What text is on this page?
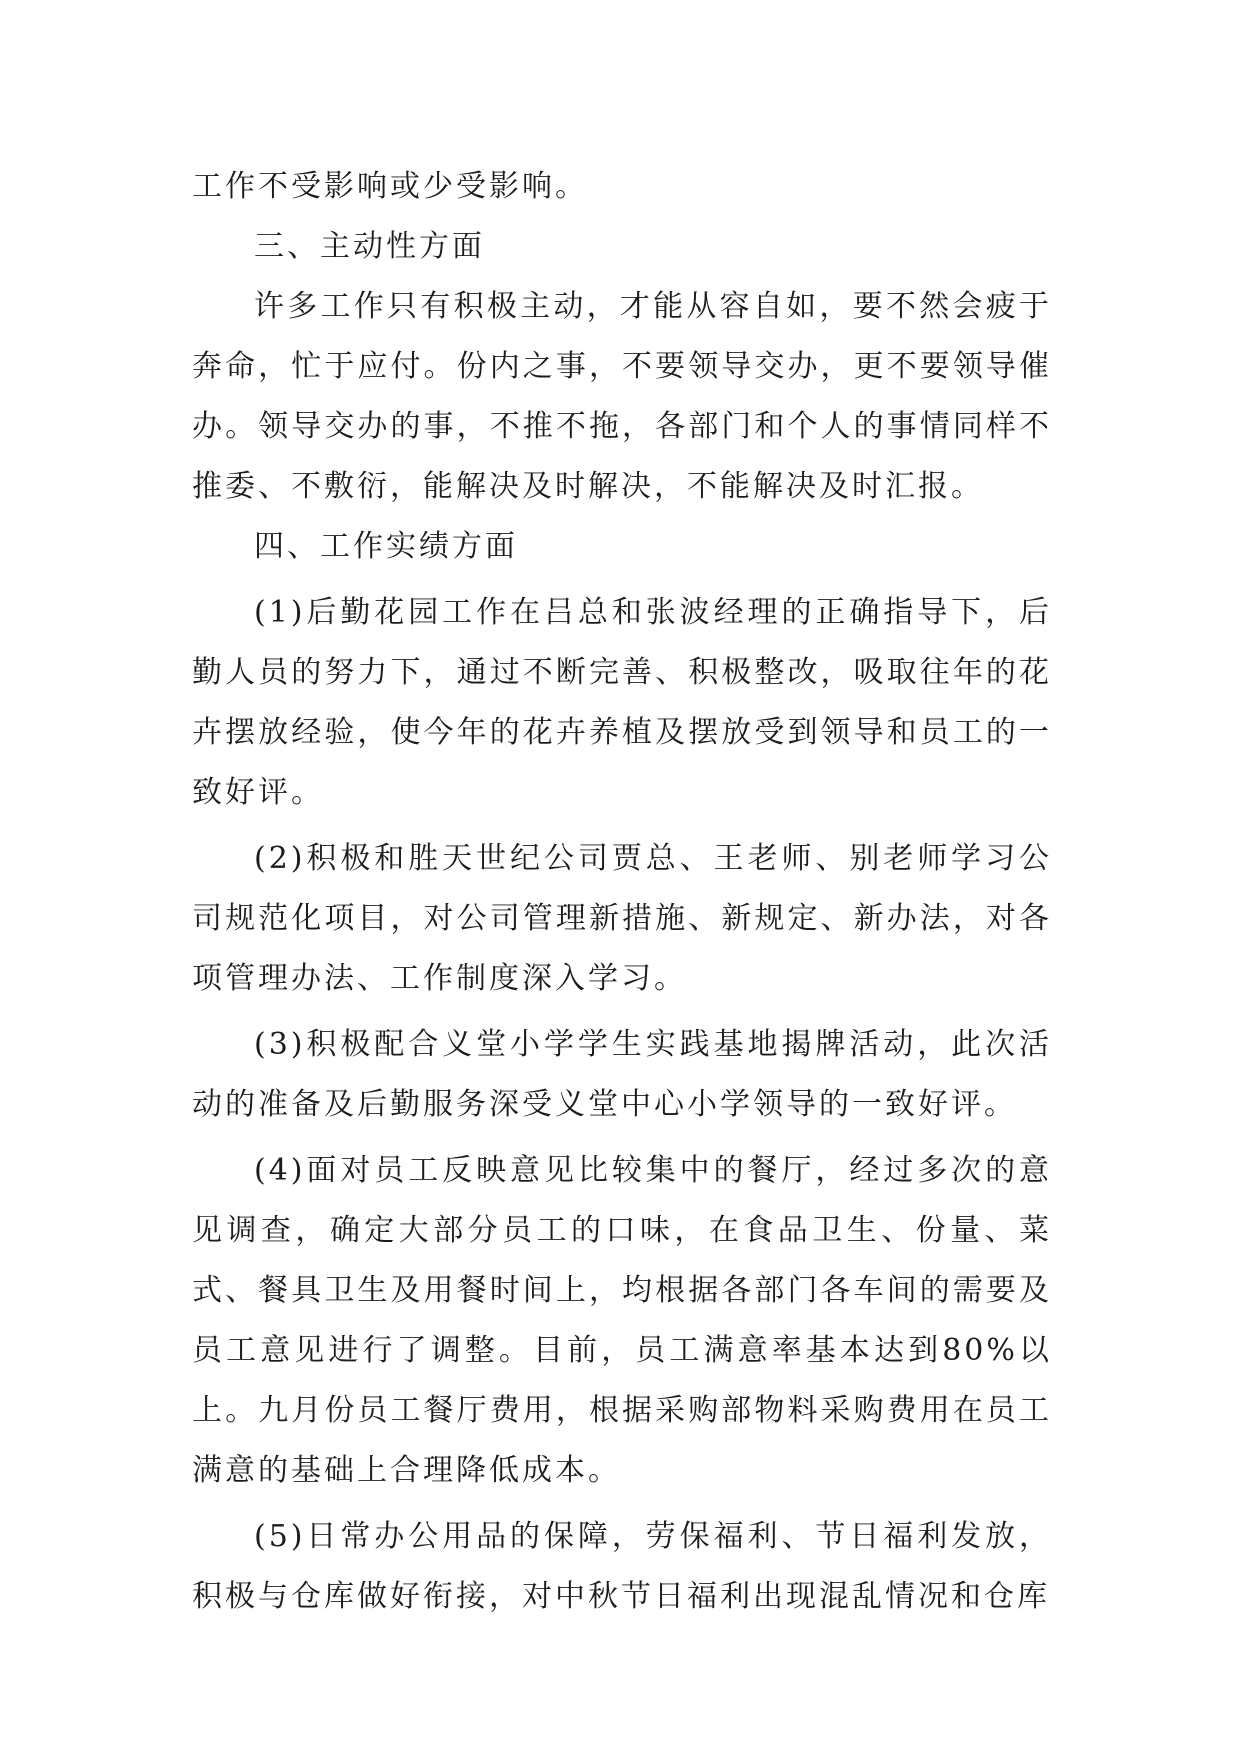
工作不受影响或少受影响。

三、主动性方面

许多工作只有积极主动，才能从容自如，要不然会疲于奔命，忙于应付。份内之事，不要领导交办，更不要领导催办。领导交办的事，不推不拖，各部门和个人的事情同样不推委、不敷衍，能解决及时解决，不能解决及时汇报。

四、工作实绩方面

(1)后勤花园工作在吕总和张波经理的正确指导下，后勤人员的努力下，通过不断完善、积极整改，吸取往年的花卉摆放经验，使今年的花卉养植及摆放受到领导和员工的一致好评。

(2)积极和胜天世纪公司贾总、王老师、别老师学习公司规范化项目，对公司管理新措施、新规定、新办法，对各项管理办法、工作制度深入学习。

(3)积极配合义堂小学学生实践基地揭牌活动，此次活动的准备及后勤服务深受义堂中心小学领导的一致好评。

(4)面对员工反映意见比较集中的餐厅，经过多次的意见调查，确定大部分员工的口味，在食品卫生、份量、菜式、餐具卫生及用餐时间上，均根据各部门各车间的需要及员工意见进行了调整。目前，员工满意率基本达到80%以上。九月份员工餐厅费用，根据采购部物料采购费用在员工满意的基础上合理降低成本。

(5)日常办公用品的保障，劳保福利、节日福利发放，积极与仓库做好衔接，对中秋节日福利出现混乱情况和仓库
